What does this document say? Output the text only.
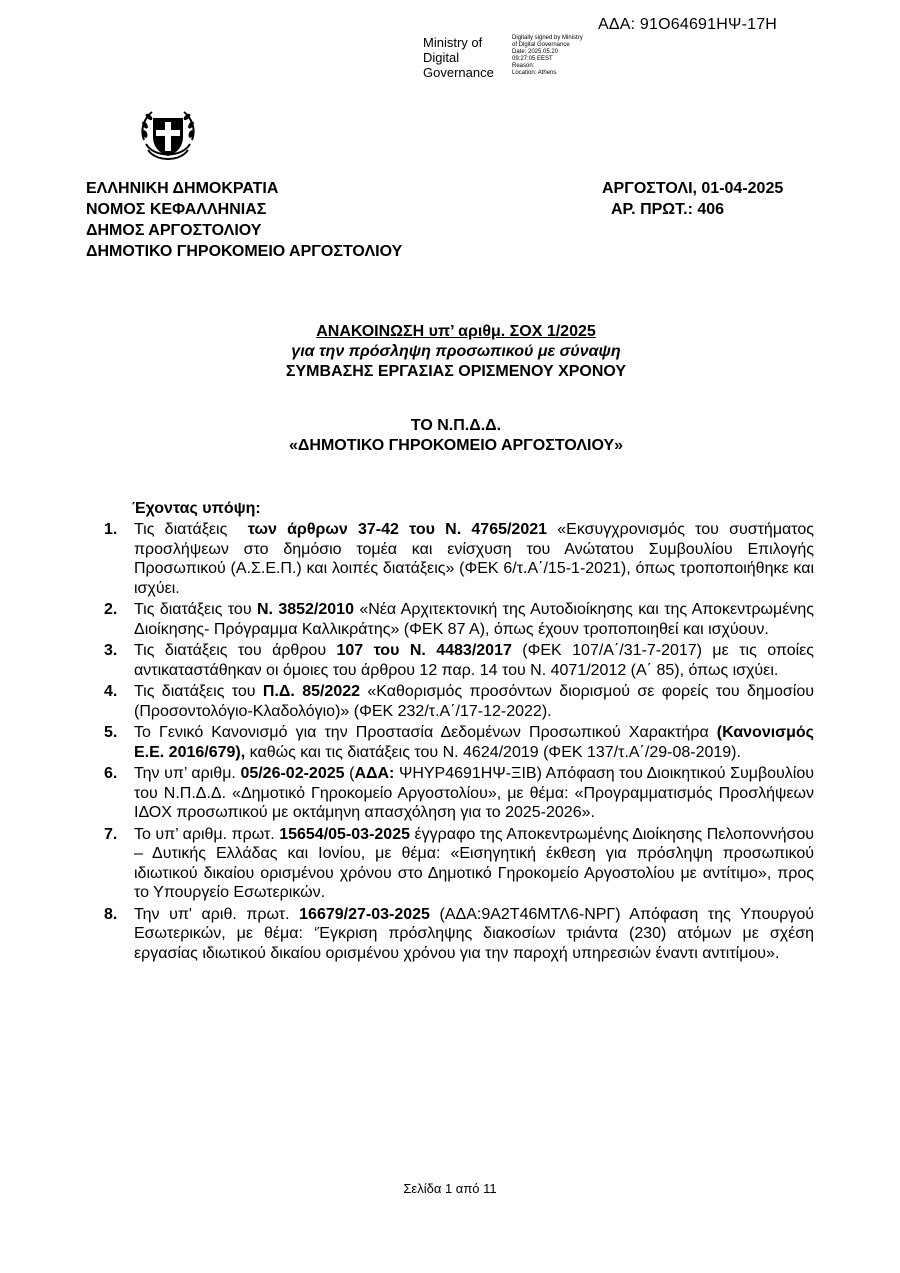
ΑΔΑ: 91Ο64691ΗΨ-17Η
Ministry of
Digital
Governance
Digitally signed by Ministry
of Digital Governance
Date: 2025.05.20
09:27:05 EEST
Reason:
Location: Athens
ΕΛΛΗΝΙΚΗ ΔΗΜΟΚΡΑΤΙΑ
ΝΟΜΟΣ ΚΕΦΑΛΛΗΝΙΑΣ
ΔΗΜΟΣ ΑΡΓΟΣΤΟΛΙΟΥ
ΔΗΜΟΤΙΚΟ ΓΗΡΟΚΟΜΕΙΟ ΑΡΓΟΣΤΟΛΙΟΥ
ΑΡΓΟΣΤΟΛΙ, 01-04-2025
ΑΡ. ΠΡΩΤ.: 406
ΑΝΑΚΟΙΝΩΣΗ υπ’ αριθμ. ΣΟΧ 1/2025
για την πρόσληψη προσωπικού με σύναψη
ΣΥΜΒΑΣΗΣ ΕΡΓΑΣΙΑΣ ΟΡΙΣΜΕΝΟΥ ΧΡΟΝΟΥ
ΤΟ Ν.Π.Δ.Δ.
«ΔΗΜΟΤΙΚΟ ΓΗΡΟΚΟΜΕΙΟ ΑΡΓΟΣΤΟΛΙΟΥ»
Έχοντας υπόψη:
1. Τις διατάξεις  των άρθρων 37-42 του Ν. 4765/2021 «Εκσυγχρονισμός του συστήματος προσλήψεων στο δημόσιο τομέα και ενίσχυση του Ανώτατου Συμβουλίου Επιλογής Προσωπικού (Α.Σ.Ε.Π.) και λοιπές διατάξεις» (ΦΕΚ 6/τ.Α΄/15-1-2021), όπως τροποποιήθηκε και ισχύει.
2. Τις διατάξεις του Ν. 3852/2010 «Νέα Αρχιτεκτονική της Αυτοδιοίκησης και της Αποκεντρωμένης Διοίκησης- Πρόγραμμα Καλλικράτης» (ΦΕΚ 87 Α), όπως έχουν τροποποιηθεί και ισχύουν.
3. Τις διατάξεις του άρθρου 107 του Ν. 4483/2017 (ΦΕΚ 107/Α΄/31-7-2017) με τις οποίες αντικαταστάθηκαν οι όμοιες του άρθρου 12 παρ. 14 του Ν. 4071/2012 (Α΄ 85), όπως ισχύει.
4. Τις διατάξεις του Π.Δ. 85/2022 «Καθορισμός προσόντων διορισμού σε φορείς του δημοσίου (Προσοντολόγιο-Κλαδολόγιο)» (ΦΕΚ 232/τ.Α΄/17-12-2022).
5. Το Γενικό Κανονισμό για την Προστασία Δεδομένων Προσωπικού Χαρακτήρα (Κανονισμός Ε.Ε. 2016/679), καθώς και τις διατάξεις του Ν. 4624/2019 (ΦΕΚ 137/τ.Α΄/29-08-2019).
6. Την υπ’ αριθμ. 05/26-02-2025 (ΑΔΑ: ΨΗΥΡ4691ΗΨ-ΞΙΒ) Απόφαση του Διοικητικού Συμβουλίου του Ν.Π.Δ.Δ. «Δημοτικό Γηροκομείο Αργοστολίου», με θέμα: «Προγραμματισμός Προσλήψεων ΙΔΟΧ προσωπικού με οκτάμηνη απασχόληση για το 2025-2026».
7. Το υπ’ αριθμ. πρωτ. 15654/05-03-2025 έγγραφο της Αποκεντρωμένης Διοίκησης Πελοποννήσου – Δυτικής Ελλάδας και Ιονίου, με θέμα: «Εισηγητική έκθεση για πρόσληψη προσωπικού ιδιωτικού δικαίου ορισμένου χρόνου στο Δημοτικό Γηροκομείο Αργοστολίου με αντίτιμο», προς το Υπουργείο Εσωτερικών.
8. Την υπ' αριθ. πρωτ. 16679/27-03-2025 (ΑΔΑ:9Α2Τ46ΜΤΛ6-ΝΡΓ) Απόφαση της Υπουργού  Εσωτερικών, με θέμα: ‘Έγκριση πρόσληψης διακοσίων τριάντα (230) ατόμων με σχέση εργασίας ιδιωτικού δικαίου ορισμένου χρόνου για την παροχή υπηρεσιών έναντι αντιτίμου».
Σελίδα 1 από 11
